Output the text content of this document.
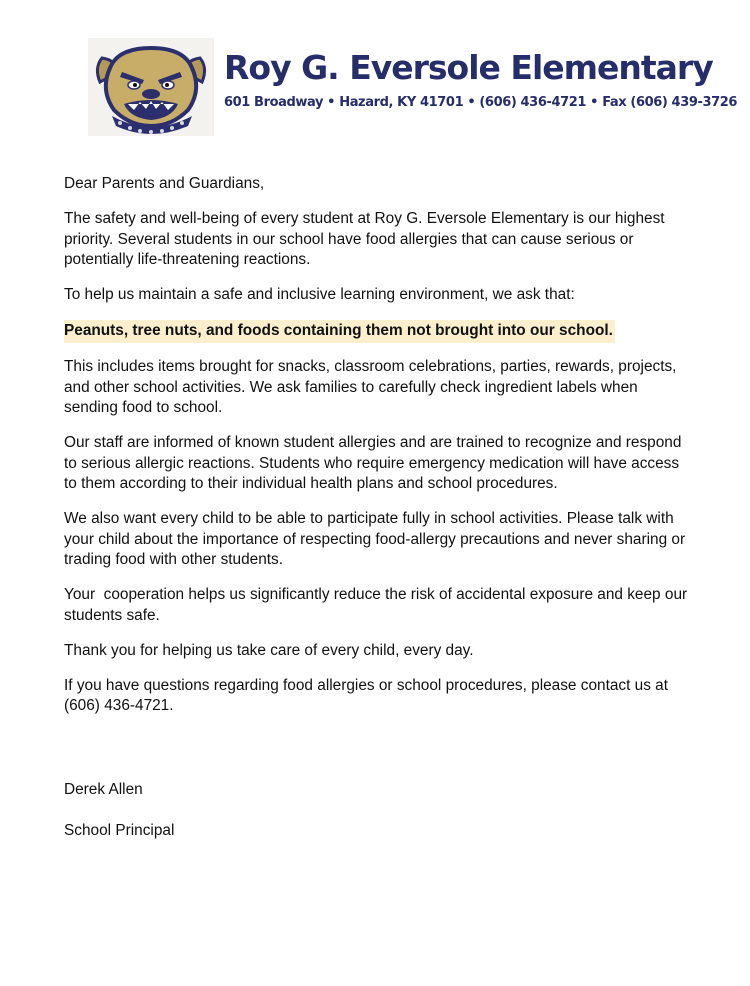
Roy G. Eversole Elementary
601 Broadway • Hazard, KY 41701 • (606) 436-4721 • Fax (606) 439-3726

Dear Parents and Guardians,

The safety and well-being of every student at Roy G. Eversole Elementary is our highest priority. Several students in our school have food allergies that can cause serious or potentially life-threatening reactions.

To help us maintain a safe and inclusive learning environment, we ask that:

Peanuts, tree nuts, and foods containing them not brought into our school.

This includes items brought for snacks, classroom celebrations, parties, rewards, projects, and other school activities. We ask families to carefully check ingredient labels when sending food to school.

Our staff are informed of known student allergies and are trained to recognize and respond to serious allergic reactions. Students who require emergency medication will have access to them according to their individual health plans and school procedures.

We also want every child to be able to participate fully in school activities. Please talk with your child about the importance of respecting food-allergy precautions and never sharing or trading food with other students.

Your  cooperation helps us significantly reduce the risk of accidental exposure and keep our students safe.

Thank you for helping us take care of every child, every day.

If you have questions regarding food allergies or school procedures, please contact us at (606) 436-4721.

Derek Allen

School Principal
